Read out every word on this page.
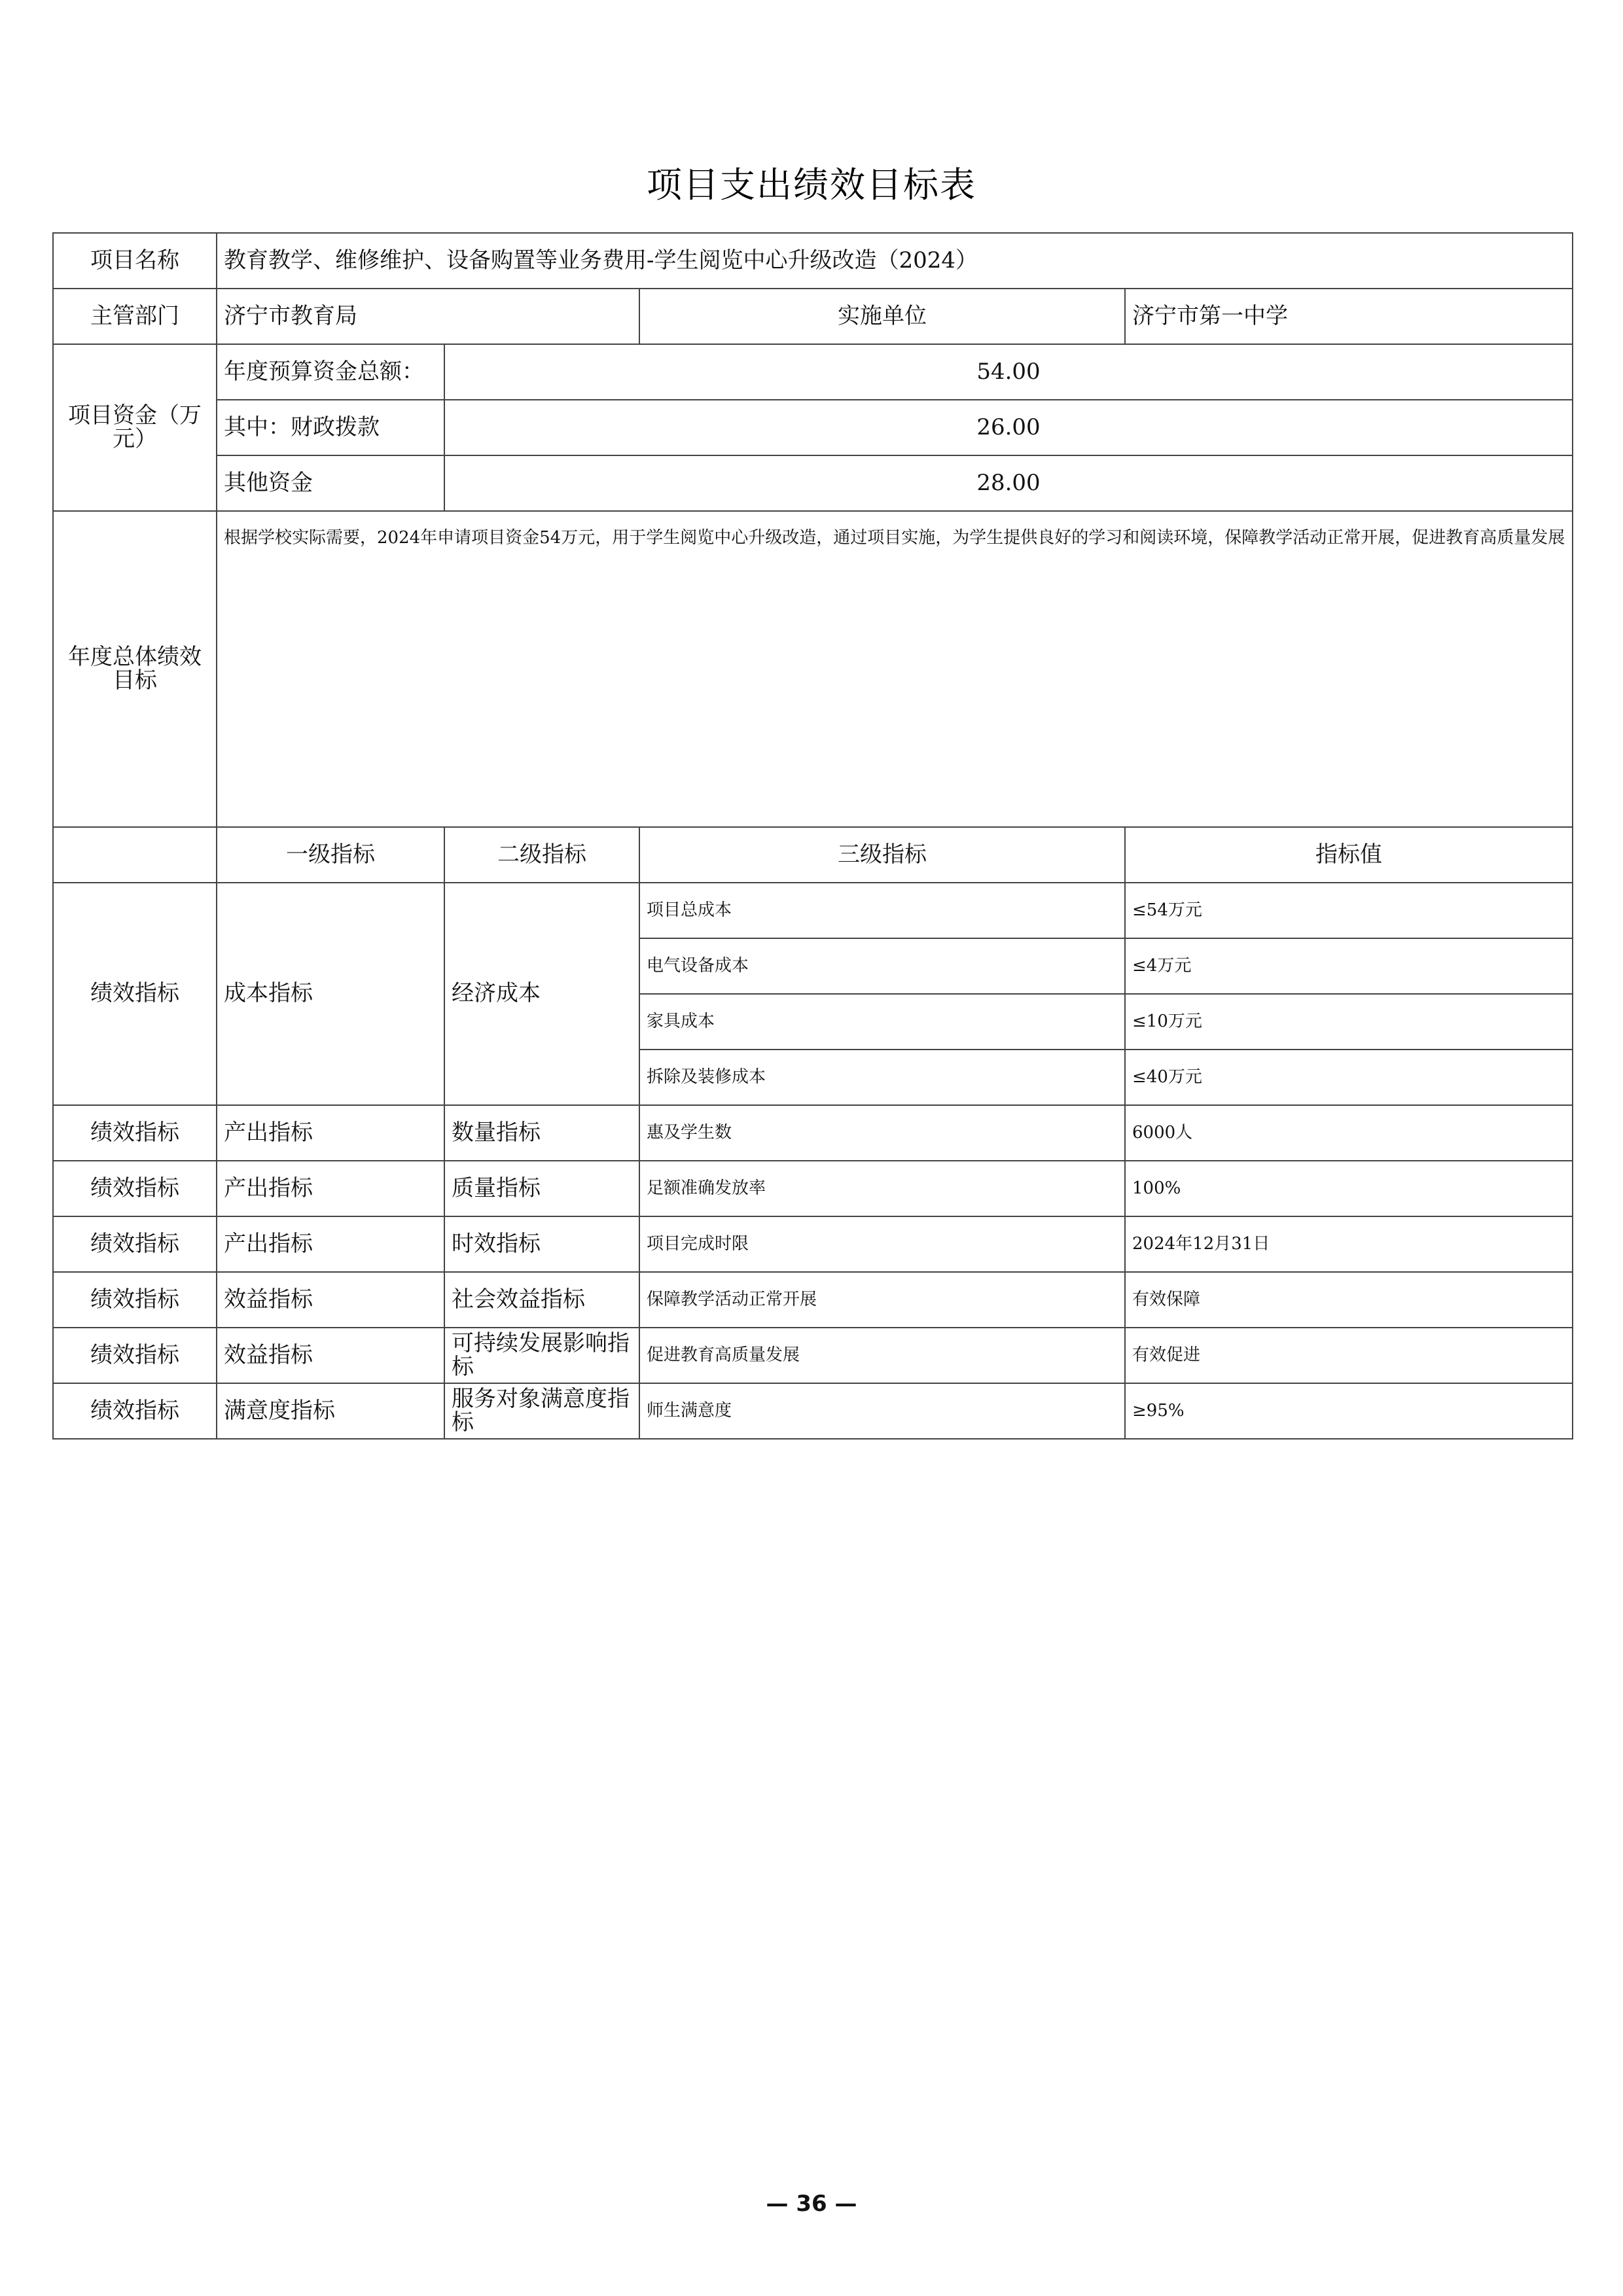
项目支出绩效目标表
项目名称	教育教学、维修维护、设备购置等业务费用-学生阅览中心升级改造（2024）			
主管部门	济宁市教育局		实施单位	济宁市第一中学
项目资金（万元）	年度预算资金总额：	54.00		
	其中：财政拨款	26.00		
	其他资金	28.00		
年度总体绩效目标	根据学校实际需要，2024年申请项目资金54万元，用于学生阅览中心升级改造，通过项目实施，为学生提供良好的学习和阅读环境，保障教学活动正常开展，促进教育高质量发展			
	一级指标	二级指标	三级指标	指标值
绩效指标	成本指标	经济成本	项目总成本	≤54万元
			电气设备成本	≤4万元
			家具成本	≤10万元
			拆除及装修成本	≤40万元
绩效指标	产出指标	数量指标	惠及学生数	6000人
绩效指标	产出指标	质量指标	足额准确发放率	100%
绩效指标	产出指标	时效指标	项目完成时限	2024年12月31日
绩效指标	效益指标	社会效益指标	保障教学活动正常开展	有效保障
绩效指标	效益指标	可持续发展影响指标	促进教育高质量发展	有效促进
绩效指标	满意度指标	服务对象满意度指标	师生满意度	≥95%
— 36 —
